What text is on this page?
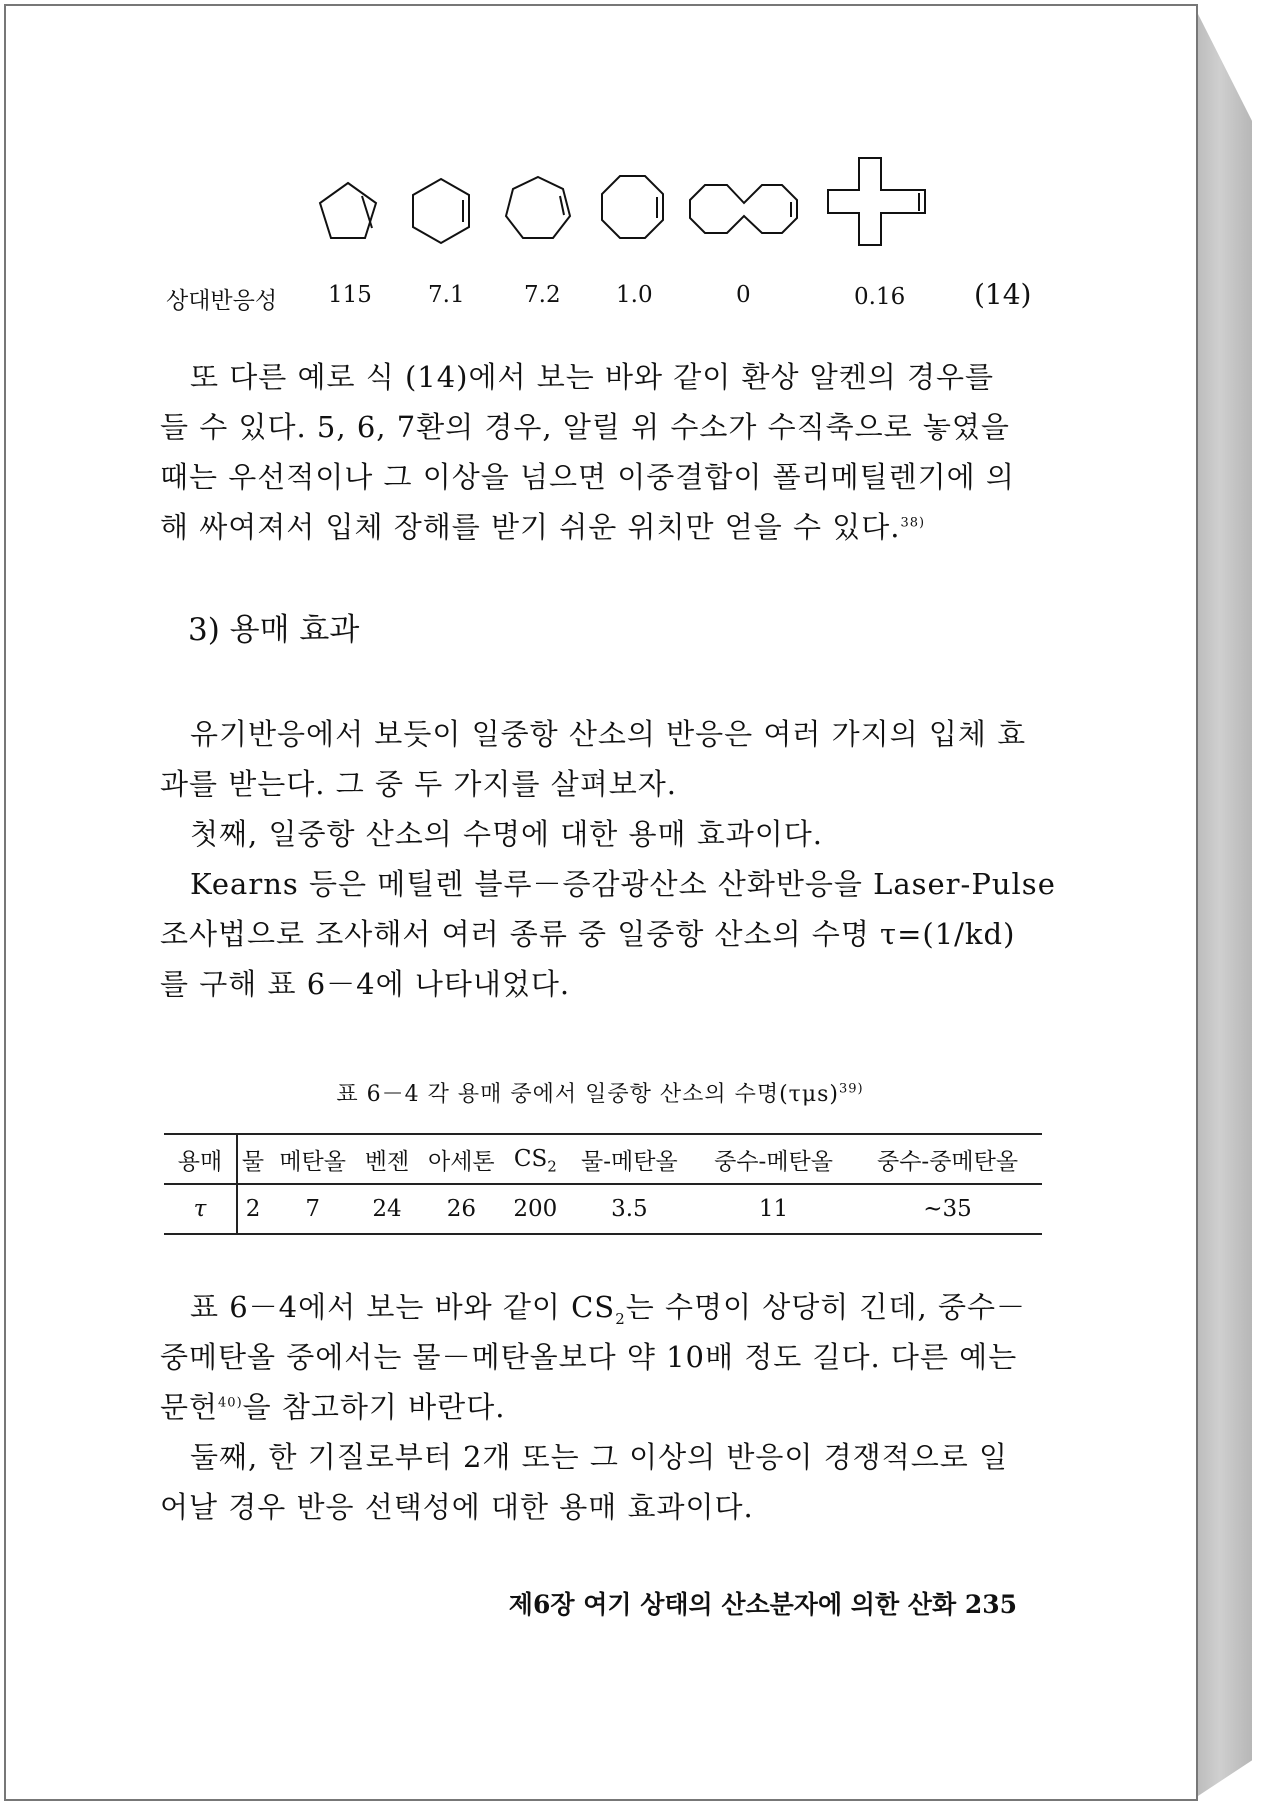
상대반응성 115 7.1	7.2 1.0	0	0.16 (14)

또 다른 예로 식 (14)에서 보는 바와 같이 환상 알켄의 경우를

들 수 있다. 5, 6, 7환의 경우, 알릴 위 수소가 수직축으로 놓였을

때는 우선적이나 그 이상을 넘으면 이중결합이 폴리메틸렌기에 의

해 싸여져서 입체 장해를 받기 쉬운 위치만 얻을 수 있다.$^{38)}$

3) 용매 효과

유기반응에서 보듯이 일중항 산소의 반응은 여러 가지의 입체 효

과를 받는다. 그 중 두 가지를 살펴보자.

첫째, 일중항 산소의 수명에 대한 용매 효과이다.

Kearns 등은 메틸렌 블루－증감광산소 산화반응을 Laser-Pulse

조사법으로 조사해서 여러 종류 중 일중항 산소의 수명 τ=(1/kd)

를 구해 표 6－4에 나타내었다.

표 6－4 각 용매 중에서 일중항 산소의 수명$(\tau\mu s)^{39)}$
용매	물	메탄올	벤젠	아세톤	$CS_2$	물-메탄올	중수-메탄올	중수-중메탄올
τ	2	7	24	26	200	3.5	11	~35

표 6－4에서 보는 바와 같이 $CS_2$는 수명이 상당히 긴데, 중수－

중메탄올 중에서는 물－메탄올보다 약 10배 정도 길다. 다른 예는

문헌$^{40)}$을 참고하기 바란다.

둘째, 한 기질로부터 2개 또는 그 이상의 반응이 경쟁적으로 일

어날 경우 반응 선택성에 대한 용매 효과이다.

제6장 여기 상태의 산소분자에 의한 산화 235
